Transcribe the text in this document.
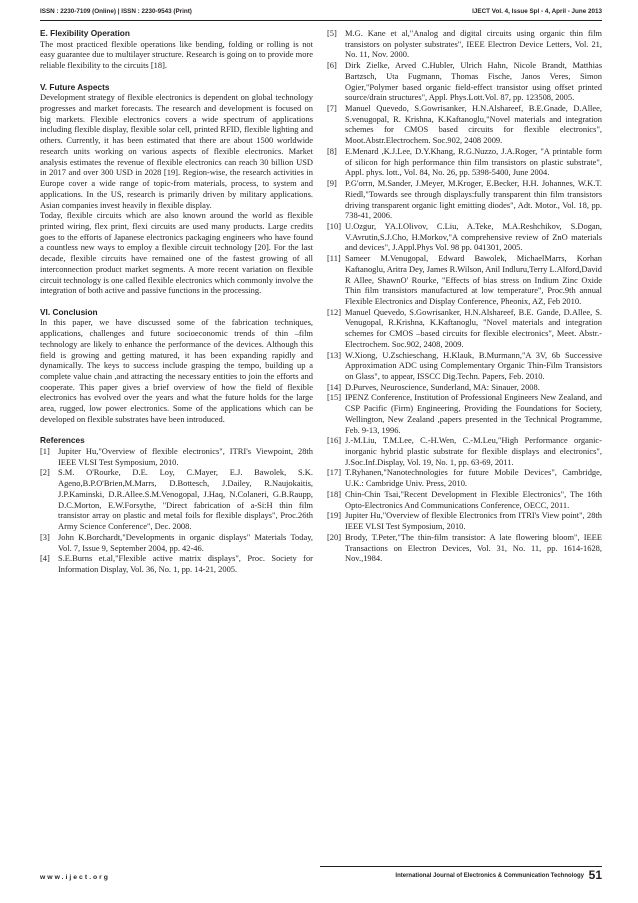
ISSN : 2230-7109 (Online) | ISSN : 2230-9543 (Print)	IJECT Vol. 4, Issue Spl - 4, April - June 2013
E. Flexibility Operation
The most practiced flexible operations like bending, folding or rolling is not easy guarantee due to multilayer structure. Research is going on to provide more reliable flexibility to the circuits [18].
V. Future Aspects
Development strategy of flexible electronics is dependent on global technology progresses and market forecasts. The research and development is focused on big markets. Flexible electronics covers a wide spectrum of applications including flexible display, flexible solar cell, printed RFID, flexible lighting and others. Currently, it has been estimated that there are about 1500 worldwide research units working on various aspects of flexible electronics. Market analysis estimates the revenue of flexible electronics can reach 30 billion USD in 2017 and over 300 USD in 2028 [19]. Region-wise, the research activities in Europe cover a wide range of topic-from materials, process, to system and applications. In the US, research is primarily driven by military applications. Asian companies invest heavily in flexible display.
Today, flexible circuits which are also known around the world as flexible printed wiring, flex print, flexi circuits are used many products. Large credits goes to the efforts of Japanese electronics packaging engineers who have found a countless new ways to employ a flexible circuit technology [20]. For the last decade, flexible circuits have remained one of the fastest growing of all interconnection product market segments. A more recent variation on flexible circuit technology is one called flexible electronics which commonly involve the integration of both active and passive functions in the processing.
VI. Conclusion
In this paper, we have discussed some of the fabrication techniques, applications, challenges and future socioeconomic trends of thin –film technology are likely to enhance the performance of the devices. Although this field is growing and getting matured, it has been expanding rapidly and dynamically. The keys to success include grasping the tempo, building up a complete value chain ,and attracting the necessary entities to join the efforts and cooperate. This paper gives a brief overview of how the field of flexible electronics has evolved over the years and what the future holds for the large area, rugged, low power electronics. Some of the applications which can be developed on flexible substrates have been introduced.
References
[1] Jupiter Hu,"Overview of flexible electronics", ITRI's Viewpoint, 28th IEEE VLSI Test Symposium, 2010.
[2] S.M. O'Rourke, D.E. Loy, C.Mayer, E.J. Bawolek, S.K. Ageno,B.P.O'Brien,M.Marrs, D.Bottesch, J.Dailey, R.Naujokaitis, J.P.Kaminski, D.R.Allee.S.M.Venogopal, J.Haq, N.Colaneri, G.B.Raupp, D.C.Morton, E.W.Forsythe, "Direct fabrication of a-Si:H thin film transistor array on plastic and metal foils for flexible displays", Proc.26th Army Science Conference", Dec. 2008.
[3] John K.Borchardt,"Developments in organic displays" Materials Today, Vol. 7, Issue 9, September 2004, pp. 42-46.
[4] S.E.Burns et.al,"Flexible active matrix displays", Proc. Society for Information Display, Vol. 36, No. 1, pp. 14-21, 2005.
[5] M.G. Kane et al,"Analog and digital circuits using organic thin film transistors on polyster substrates", IEEE Electron Device Letters, Vol. 21, No. 11, Nov. 2000.
[6] Dirk Zielke, Arved C.Hubler, Ulrich Hahn, Nicole Brandt, Matthias Bartzsch, Uta Fugmann, Thomas Fische, Janos Veres, Simon Ogier,"Polymer based organic field-effect transistor using offset printed source/drain structures", Appl. Phys.Lott.Vol. 87, pp. 123508, 2005.
[7] Manuel Quevedo, S.Gowrisanker, H.N.Alshareef, B.E.Gnade, D.Allee, S.venugopal, R. Krishna, K.Kaftanoglu,"Novel materials and integration schemes for CMOS based circuits for flexible electronics", Moot.Abstr.Electrochem. Soc.902, 2408 2009.
[8] E.Menard ,K.J.Lee, D.Y.Khang, R.G.Nuzzo, J.A.Roger, "A printable form of silicon for high performance thin film transistors on plastic substrate", Appl. phys. lott., Vol. 84, No. 26, pp. 5398-5400, June 2004.
[9] P.G'orrn, M.Sander, J.Meyer, M.Kroger, E.Becker, H.H. Johannes, W.K.T. Riedl,"Towards see through displays:fully transparent thin film transistors driving transparent organic light emitting diodes", Adt. Motor., Vol. 18, pp. 738-41, 2006.
[10] U.Ozgur, YA.I.Olivov, C.Liu, A.Teke, M.A.Reshchikov, S.Dogan, V.Avrutin,S.J.Cho, H.Morkov,"A comprehensive review of ZnO materials and devices", J.Appl.Phys Vol. 98 pp. 041301, 2005.
[11] Sameer M.Venugopal, Edward Bawolek, MichaelMarrs, Korhan Kaftanoglu, Aritra Dey, James R.Wilson, Anil Indluru,Terry L.Alford,David R Allee, ShawnO' Rourke, "Effects of bias stress on Indium Zinc Oxide Thin film transistors manufactured at low temperature", Proc.9th annual Flexible Electronics and Display Conference, Pheonix, AZ, Feb 2010.
[12] Manuel Quevedo, S.Gowrisanker, H.N.Alshareef, B.E. Gande, D.Allee, S. Venugopal, R.Krishna, K.Kaftanoglu, "Novel materials and integration schemes for CMOS –based circuits for flexible electronics", Meet. Abstr.-Electrochem. Soc.902, 2408, 2009.
[13] W.Xiong, U.Zschieschang, H.Klauk, B.Murmann,"A 3V, 6b Successive Approximation ADC using Complementary Organic Thin-Film Transistors on Glass", to appear, ISSCC Dig.Techn. Papers, Feb. 2010.
[14] D.Purves, Neuroscience, Sunderland, MA: Sinauer, 2008.
[15] IPENZ Conference, Institution of Professional Engineers New Zealand, and CSP Pacific (Firm) Engineering, Providing the Foundations for Society, Wellington, New Zealand ,papers presented in the Technical Programme, Feb. 9-13, 1996.
[16] J.-M.Liu, T.M.Lee, C.-H.Wen, C.-M.Leu,"High Performance organic-inorganic hybrid plastic substrate for flexible displays and electronics", J.Soc.Inf.Display, Vol. 19, No. 1, pp. 63-69, 2011.
[17] T.Ryhanen,"Nanotechnologies for future Mobile Devices", Cambridge, U.K.: Cambridge Univ. Press, 2010.
[18] Chin-Chin Tsai,"Recent Development in Flexible Electronics", The 16th Opto-Electronics And Communications Conference, OECC, 2011.
[19] Jupiter Hu,"Overview of flexible Electronics from ITRI's View point", 28th IEEE VLSI Test Symposium, 2010.
[20] Brody, T.Peter,"The thin-film transistor: A late flowering bloom", IEEE Transactions on Electron Devices, Vol. 31, No. 11, pp. 1614-1628, Nov.,1984.
www.iject.org	International Journal of Electronics & Communication Technology 51
